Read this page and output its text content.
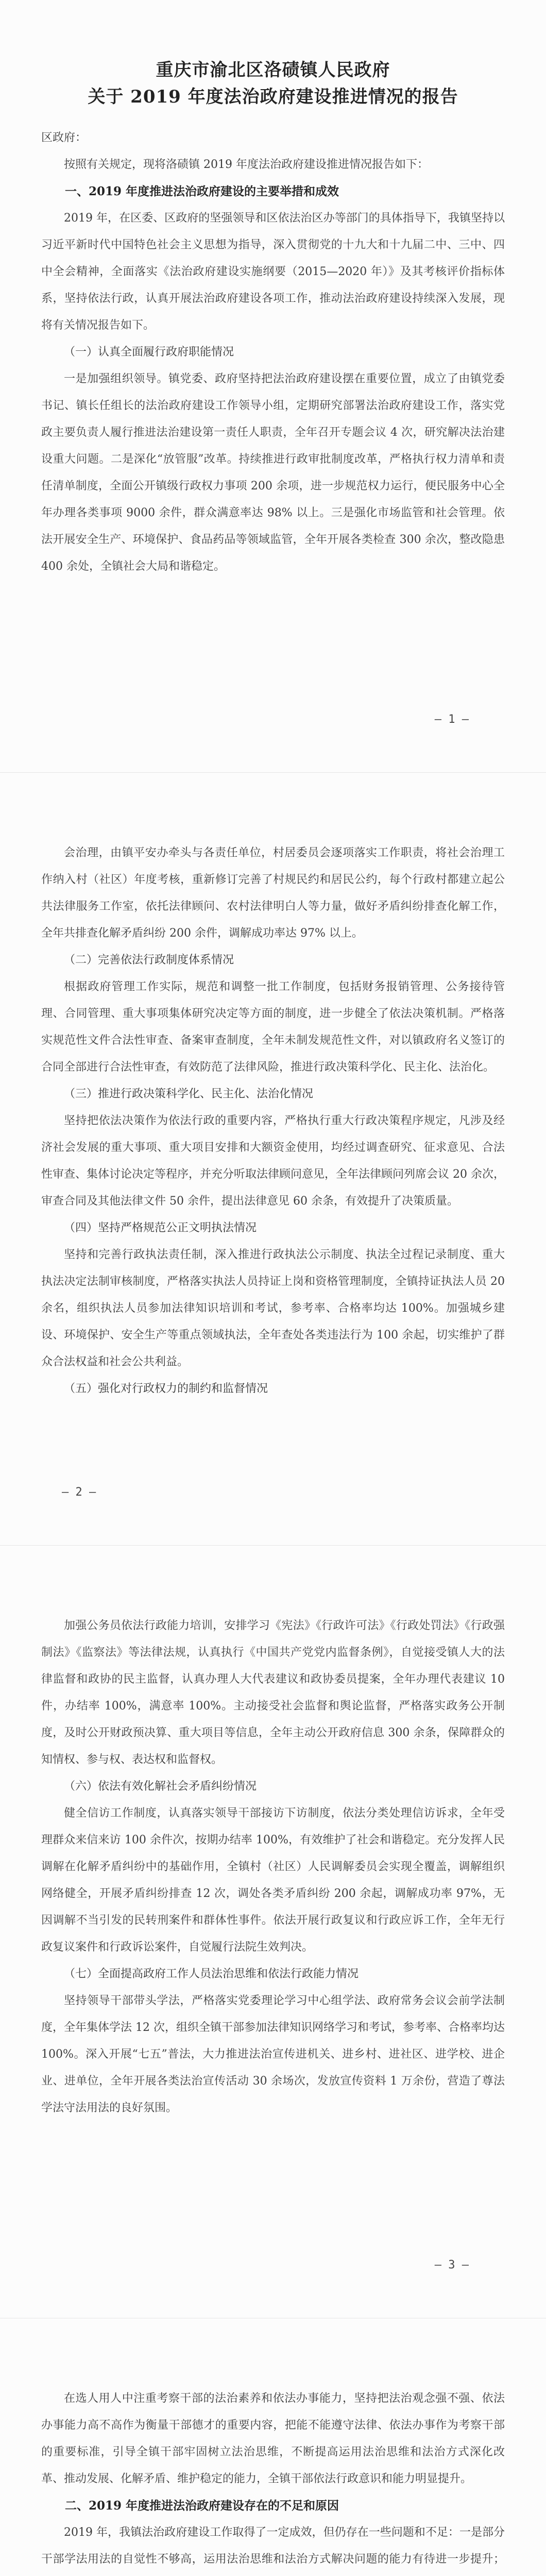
重庆市渝北区洛碛镇人民政府
关于 2019 年度法治政府建设推进情况的报告

区政府：

按照有关规定，现将洛碛镇 2019 年度法治政府建设推进情况报告如下：

一、2019 年度推进法治政府建设的主要举措和成效

2019 年，在区委、区政府的坚强领导和区依法治区办等部门的具体指导下，我镇坚持以习近平新时代中国特色社会主义思想为指导，深入贯彻党的十九大和十九届二中、三中、四中全会精神，全面落实《法治政府建设实施纲要（2015—2020 年）》及其考核评价指标体系，坚持依法行政，认真开展法治政府建设各项工作，推动法治政府建设持续深入发展，现将有关情况报告如下。

（一）认真全面履行政府职能情况

一是加强组织领导。镇党委、政府坚持把法治政府建设摆在重要位置，成立了由镇党委书记、镇长任组长的法治政府建设工作领导小组，定期研究部署法治政府建设工作，落实党政主要负责人履行推进法治建设第一责任人职责，全年召开专题会议 4 次，研究解决法治建设重大问题。二是深化“放管服”改革。持续推进行政审批制度改革，严格执行权力清单和责任清单制度，全面公开镇级行政权力事项 200 余项，进一步规范权力运行，便民服务中心全年办理各类事项 9000 余件，群众满意率达 98% 以上。三是强化市场监管和社会管理。依法开展安全生产、环境保护、食品药品等领域监管，全年开展各类检查 300 余次，整改隐患 400 余处，全镇社会大局和谐稳定。

— 1 —

会治理，由镇平安办牵头与各责任单位，村居委员会逐项落实工作职责，将社会治理工作纳入村（社区）年度考核，重新修订完善了村规民约和居民公约，每个行政村都建立起公共法律服务工作室，依托法律顾问、农村法律明白人等力量，做好矛盾纠纷排查化解工作，全年共排查化解矛盾纠纷 200 余件，调解成功率达 97% 以上。

（二）完善依法行政制度体系情况

根据政府管理工作实际，规范和调整一批工作制度，包括财务报销管理、公务接待管理、合同管理、重大事项集体研究决定等方面的制度，进一步健全了依法决策机制。严格落实规范性文件合法性审查、备案审查制度，全年未制发规范性文件，对以镇政府名义签订的合同全部进行合法性审查，有效防范了法律风险，推进行政决策科学化、民主化、法治化。

（三）推进行政决策科学化、民主化、法治化情况

坚持把依法决策作为依法行政的重要内容，严格执行重大行政决策程序规定，凡涉及经济社会发展的重大事项、重大项目安排和大额资金使用，均经过调查研究、征求意见、合法性审查、集体讨论决定等程序，并充分听取法律顾问意见，全年法律顾问列席会议 20 余次，审查合同及其他法律文件 50 余件，提出法律意见 60 余条，有效提升了决策质量。

（四）坚持严格规范公正文明执法情况

坚持和完善行政执法责任制，深入推进行政执法公示制度、执法全过程记录制度、重大执法决定法制审核制度，严格落实执法人员持证上岗和资格管理制度，全镇持证执法人员 20 余名，组织执法人员参加法律知识培训和考试，参考率、合格率均达 100%。加强城乡建设、环境保护、安全生产等重点领域执法，全年查处各类违法行为 100 余起，切实维护了群众合法权益和社会公共利益。

（五）强化对行政权力的制约和监督情况

— 2 —

加强公务员依法行政能力培训，安排学习《宪法》《行政许可法》《行政处罚法》《行政强制法》《监察法》等法律法规，认真执行《中国共产党党内监督条例》，自觉接受镇人大的法律监督和政协的民主监督，认真办理人大代表建议和政协委员提案，全年办理代表建议 10 件，办结率 100%，满意率 100%。主动接受社会监督和舆论监督，严格落实政务公开制度，及时公开财政预决算、重大项目等信息，全年主动公开政府信息 300 余条，保障群众的知情权、参与权、表达权和监督权。

（六）依法有效化解社会矛盾纠纷情况

健全信访工作制度，认真落实领导干部接访下访制度，依法分类处理信访诉求，全年受理群众来信来访 100 余件次，按期办结率 100%，有效维护了社会和谐稳定。充分发挥人民调解在化解矛盾纠纷中的基础作用，全镇村（社区）人民调解委员会实现全覆盖，调解组织网络健全，开展矛盾纠纷排查 12 次，调处各类矛盾纠纷 200 余起，调解成功率 97%，无因调解不当引发的民转刑案件和群体性事件。依法开展行政复议和行政应诉工作，全年无行政复议案件和行政诉讼案件，自觉履行法院生效判决。

（七）全面提高政府工作人员法治思维和依法行政能力情况

坚持领导干部带头学法，严格落实党委理论学习中心组学法、政府常务会议会前学法制度，全年集体学法 12 次，组织全镇干部参加法律知识网络学习和考试，参考率、合格率均达 100%。深入开展“七五”普法，大力推进法治宣传进机关、进乡村、进社区、进学校、进企业、进单位，全年开展各类法治宣传活动 30 余场次，发放宣传资料 1 万余份，营造了尊法学法守法用法的良好氛围。

— 3 —

在选人用人中注重考察干部的法治素养和依法办事能力，坚持把法治观念强不强、依法办事能力高不高作为衡量干部德才的重要内容，把能不能遵守法律、依法办事作为考察干部的重要标准，引导全镇干部牢固树立法治思维，不断提高运用法治思维和法治方式深化改革、推动发展、化解矛盾、维护稳定的能力，全镇干部依法行政意识和能力明显提升。

二、2019 年度推进法治政府建设存在的不足和原因

2019 年，我镇法治政府建设工作取得了一定成效，但仍存在一些问题和不足：一是部分干部学法用法的自觉性不够高，运用法治思维和法治方式解决问题的能力有待进一步提升；
